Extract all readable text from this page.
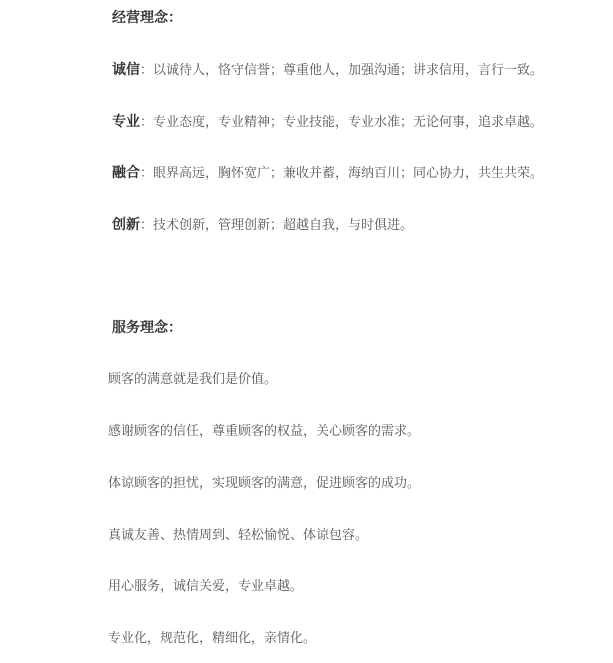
经营理念：
诚信：以诚待人，恪守信誉；尊重他人，加强沟通；讲求信用，言行一致。
专业：专业态度，专业精神；专业技能，专业水准；无论何事，追求卓越。
融合：眼界高远，胸怀宽广；兼收并蓄，海纳百川；同心协力，共生共荣。
创新：技术创新，管理创新；超越自我，与时俱进。
服务理念：
顾客的满意就是我们是价值。
感谢顾客的信任，尊重顾客的权益，关心顾客的需求。
体谅顾客的担忧，实现顾客的满意，促进顾客的成功。
真诚友善、热情周到、轻松愉悦、体谅包容。
用心服务，诚信关爱，专业卓越。
专业化，规范化，精细化，亲情化。
